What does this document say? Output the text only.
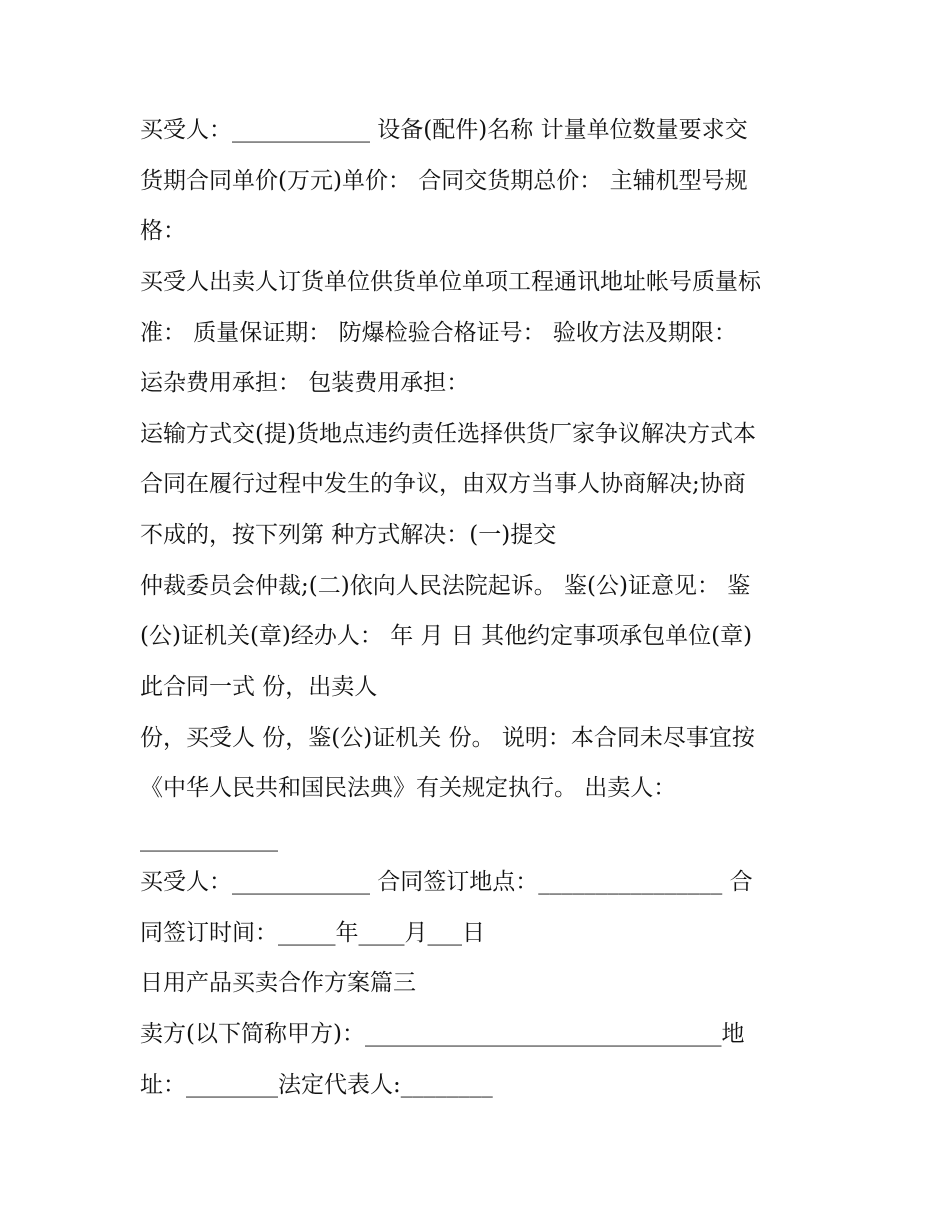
买受人：____________ 设备(配件)名称 计量单位数量要求交

货期合同单价(万元)单价： 合同交货期总价： 主辅机型号规

格：

买受人出卖人订货单位供货单位单项工程通讯地址帐号质量标

准： 质量保证期： 防爆检验合格证号： 验收方法及期限：

运杂费用承担： 包装费用承担：

运输方式交(提)货地点违约责任选择供货厂家争议解决方式本

合同在履行过程中发生的争议，由双方当事人协商解决;协商

不成的，按下列第 种方式解决：(一)提交

仲裁委员会仲裁;(二)依向人民法院起诉。 鉴(公)证意见： 鉴

(公)证机关(章)经办人： 年 月 日 其他约定事项承包单位(章)

此合同一式 份，出卖人

份，买受人 份，鉴(公)证机关 份。 说明：本合同未尽事宜按

《中华人民共和国民法典》有关规定执行。 出卖人：

____________

买受人：____________ 合同签订地点：________________ 合

同签订时间：_____年____月___日

日用产品买卖合作方案篇三

卖方(以下简称甲方)：_______________________________地

址：________法定代表人:________
